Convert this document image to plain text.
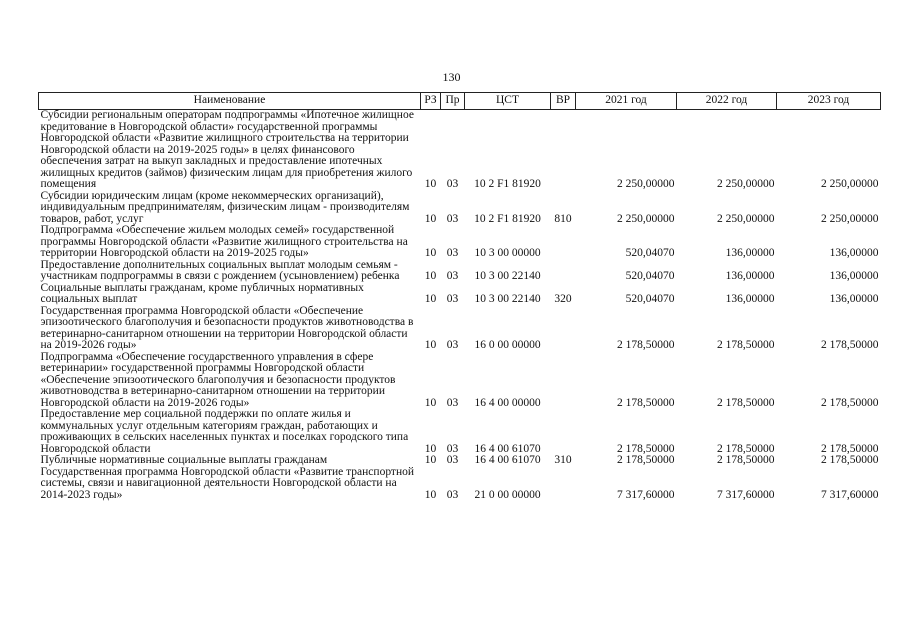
130
Наименование	РЗ	Пр	ЦСТ	ВР	2021 год	2022 год	2023 год
Субсидии региональным операторам подпрограммы «Ипотечное жилищное кредитование в Новгородской области» государственной программы Новгородской области «Развитие жилищного строительства на территории Новгородской области на 2019-2025 годы» в целях финансового обеспечения затрат на выкуп закладных и предоставление ипотечных жилищных кредитов (займов) физическим лицам для приобретения жилого помещения	10	03	10 2 F1 81920		2 250,00000	2 250,00000	2 250,00000
Субсидии юридическим лицам (кроме некоммерческих организаций), индивидуальным предпринимателям, физическим лицам - производителям товаров, работ, услуг	10	03	10 2 F1 81920	810	2 250,00000	2 250,00000	2 250,00000
Подпрограмма «Обеспечение жильем молодых семей» государственной программы Новгородской области «Развитие жилищного строительства на территории Новгородской области на 2019-2025 годы»	10	03	10 3 00 00000		520,04070	136,00000	136,00000
Предоставление дополнительных социальных выплат молодым семьям - участникам подпрограммы в связи с рождением (усыновлением) ребенка	10	03	10 3 00 22140		520,04070	136,00000	136,00000
Социальные выплаты гражданам, кроме публичных нормативных социальных выплат	10	03	10 3 00 22140	320	520,04070	136,00000	136,00000
Государственная программа Новгородской области «Обеспечение эпизоотического благополучия и безопасности продуктов животноводства в ветеринарно-санитарном отношении на территории Новгородской области на 2019-2026 годы»	10	03	16 0 00 00000		2 178,50000	2 178,50000	2 178,50000
Подпрограмма «Обеспечение государственного управления в сфере ветеринарии» государственной программы Новгородской области «Обеспечение эпизоотического благополучия и безопасности продуктов животноводства в ветеринарно-санитарном отношении на территории Новгородской области на 2019-2026 годы»	10	03	16 4 00 00000		2 178,50000	2 178,50000	2 178,50000
Предоставление мер социальной поддержки по оплате жилья и коммунальных услуг отдельным категориям граждан, работающих и проживающих в сельских населенных пунктах и поселках городского типа Новгородской области	10	03	16 4 00 61070		2 178,50000	2 178,50000	2 178,50000
Публичные нормативные социальные выплаты гражданам	10	03	16 4 00 61070	310	2 178,50000	2 178,50000	2 178,50000
Государственная программа Новгородской области «Развитие транспортной системы, связи и навигационной деятельности Новгородской области на 2014-2023 годы»	10	03	21 0 00 00000		7 317,60000	7 317,60000	7 317,60000
